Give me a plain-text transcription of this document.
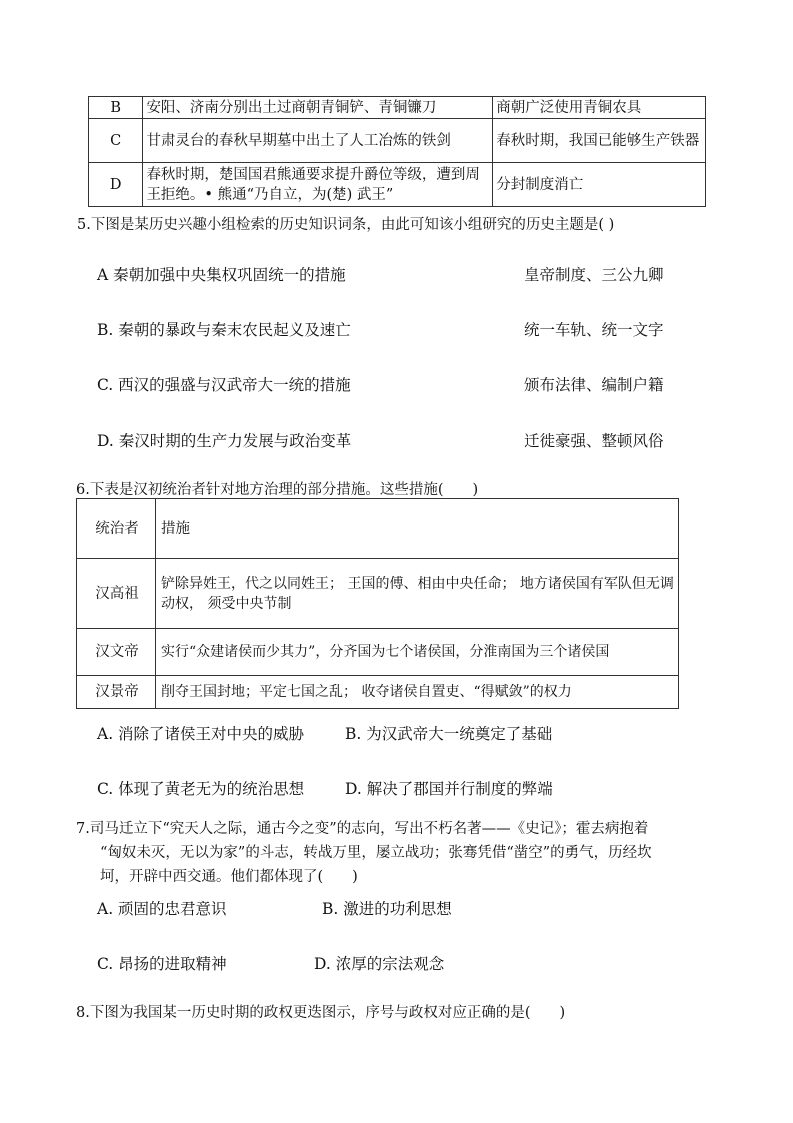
B	安阳、济南分别出土过商朝青铜铲、青铜镰刀	商朝广泛使用青铜农具
C	甘肃灵台的春秋早期墓中出土了人工冶炼的铁剑	春秋时期，我国已能够生产铁器
D	春秋时期，楚国国君熊通要求提升爵位等级，遭到周王拒绝。• 熊通“乃自立，为(楚) 武王”	分封制度消亡
5.下图是某历史兴趣小组检索的历史知识词条，由此可知该小组研究的历史主题是( )
A 秦朝加强中央集权巩固统一的措施	皇帝制度、三公九卿
B. 秦朝的暴政与秦末农民起义及速亡	统一车轨、统一文字
C. 西汉的强盛与汉武帝大一统的措施	颁布法律、编制户籍
D. 秦汉时期的生产力发展与政治变革	迁徙豪强、整顿风俗
6.下表是汉初统治者针对地方治理的部分措施。这些措施(　　)
统治者	措施
汉高祖	铲除异姓王，代之以同姓王； 王国的傅、相由中央任命； 地方诸侯国有军队但无调动权， 须受中央节制
汉文帝	实行“众建诸侯而少其力”，分齐国为七个诸侯国，分淮南国为三个诸侯国
汉景帝	削夺王国封地；平定七国之乱； 收夺诸侯自置吏、“得赋敛”的权力
A. 消除了诸侯王对中央的威胁	B. 为汉武帝大一统奠定了基础
C. 体现了黄老无为的统治思想	D. 解决了郡国并行制度的弊端
7.司马迁立下“究天人之际，通古今之变”的志向，写出不朽名著——《史记》；霍去病抱着
“匈奴未灭，无以为家”的斗志，转战万里，屡立战功；张骞凭借“凿空”的勇气，历经坎
坷，开辟中西交通。他们都体现了(　　)
A. 顽固的忠君意识	B. 激进的功利思想
C. 昂扬的进取精神	D. 浓厚的宗法观念
8.下图为我国某一历史时期的政权更迭图示，序号与政权对应正确的是(　　)
